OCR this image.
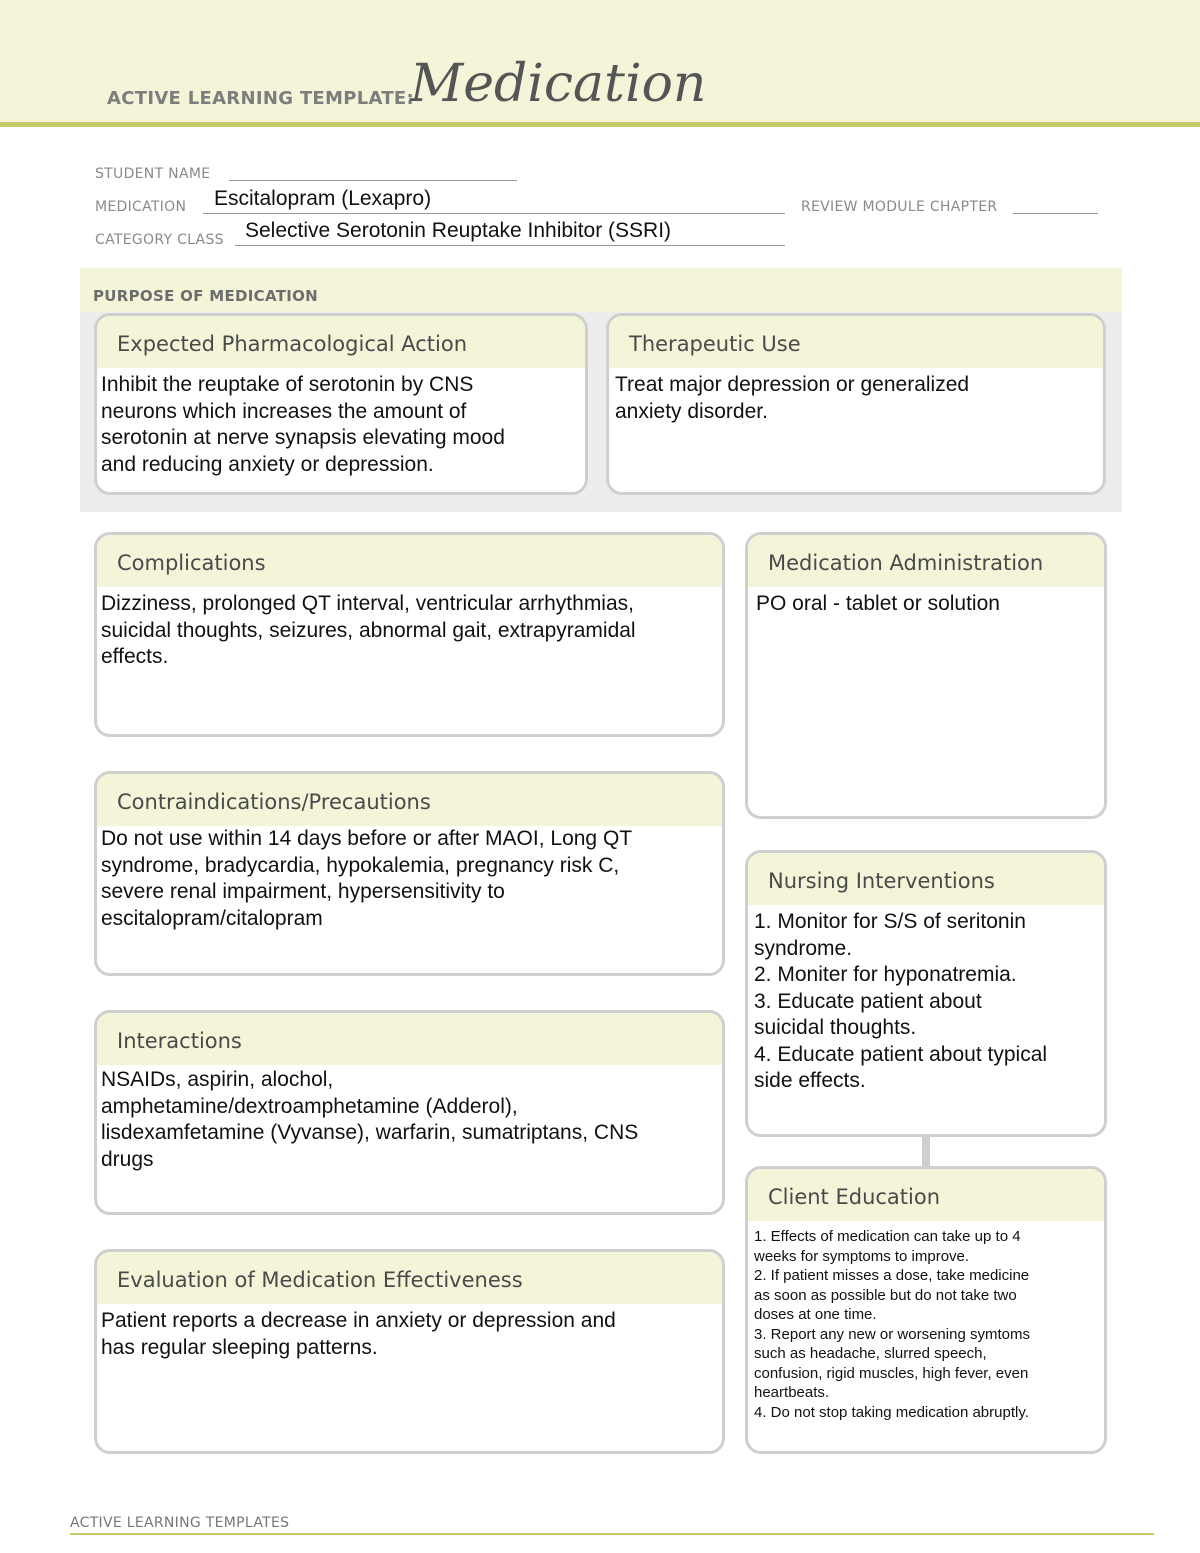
ACTIVE LEARNING TEMPLATE:
Medication
STUDENT NAME
MEDICATION Escitalopram (Lexapro)	REVIEW MODULE CHAPTER
CATEGORY CLASS Selective Serotonin Reuptake Inhibitor (SSRI)
PURPOSE OF MEDICATION
Expected Pharmacological Action
Inhibit the reuptake of serotonin by CNS
neurons which increases the amount of
serotonin at nerve synapsis elevating mood
and reducing anxiety or depression.
Therapeutic Use
Treat major depression or generalized
anxiety disorder.
Complications
Dizziness, prolonged QT interval, ventricular arrhythmias,
suicidal thoughts, seizures, abnormal gait, extrapyramidal
effects.
Contraindications/Precautions
Do not use within 14 days before or after MAOI, Long QT
syndrome, bradycardia, hypokalemia, pregnancy risk C,
severe renal impairment, hypersensitivity to
escitalopram/citalopram
Interactions
NSAIDs, aspirin, alochol,
amphetamine/dextroamphetamine (Adderol),
lisdexamfetamine (Vyvanse), warfarin, sumatriptans, CNS
drugs
Evaluation of Medication Effectiveness
Patient reports a decrease in anxiety or depression and
has regular sleeping patterns.
Medication Administration
PO oral - tablet or solution
Nursing Interventions
1. Monitor for S/S of seritonin
syndrome.
2. Moniter for hyponatremia.
3. Educate patient about
suicidal thoughts.
4. Educate patient about typical
side effects.
Client Education
1. Effects of medication can take up to 4
weeks for symptoms to improve.
2. If patient misses a dose, take medicine
as soon as possible but do not take two
doses at one time.
3. Report any new or worsening symtoms
such as headache, slurred speech,
confusion, rigid muscles, high fever, even
heartbeats.
4. Do not stop taking medication abruptly.
ACTIVE LEARNING TEMPLATES
